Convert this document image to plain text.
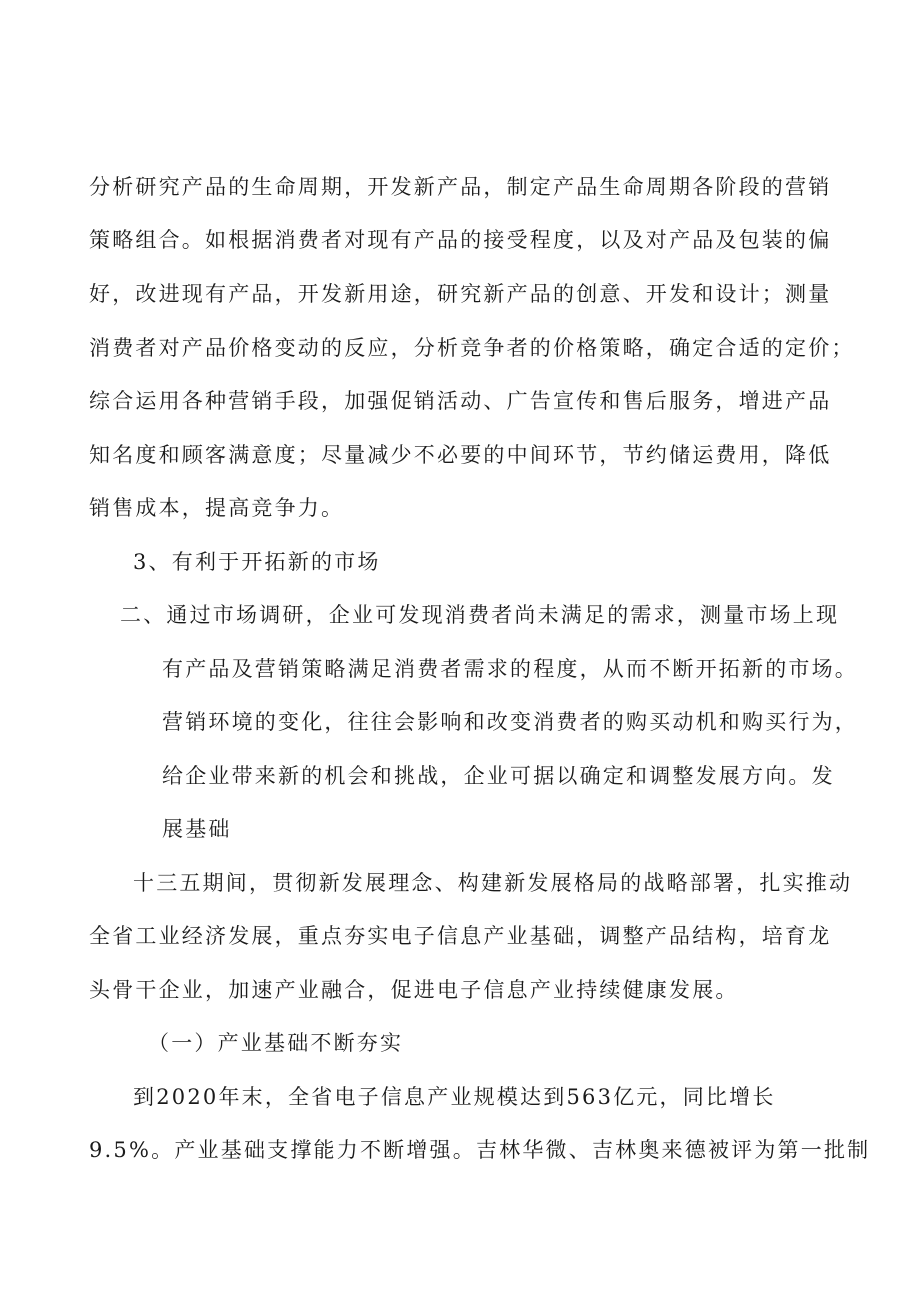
分析研究产品的生命周期，开发新产品，制定产品生命周期各阶段的营销
策略组合。如根据消费者对现有产品的接受程度，以及对产品及包装的偏
好，改进现有产品，开发新用途，研究新产品的创意、开发和设计；测量
消费者对产品价格变动的反应，分析竞争者的价格策略，确定合适的定价；
综合运用各种营销手段，加强促销活动、广告宣传和售后服务，增进产品
知名度和顾客满意度；尽量减少不必要的中间环节，节约储运费用，降低
销售成本，提高竞争力。
3、有利于开拓新的市场
二、通过市场调研，企业可发现消费者尚未满足的需求，测量市场上现
有产品及营销策略满足消费者需求的程度，从而不断开拓新的市场。
营销环境的变化，往往会影响和改变消费者的购买动机和购买行为，
给企业带来新的机会和挑战，企业可据以确定和调整发展方向。发
展基础
十三五期间，贯彻新发展理念、构建新发展格局的战略部署，扎实推动
全省工业经济发展，重点夯实电子信息产业基础，调整产品结构，培育龙
头骨干企业，加速产业融合，促进电子信息产业持续健康发展。
（一）产业基础不断夯实
到2020年末，全省电子信息产业规模达到563亿元，同比增长
9.5%。产业基础支撑能力不断增强。吉林华微、吉林奥来德被评为第一批制
